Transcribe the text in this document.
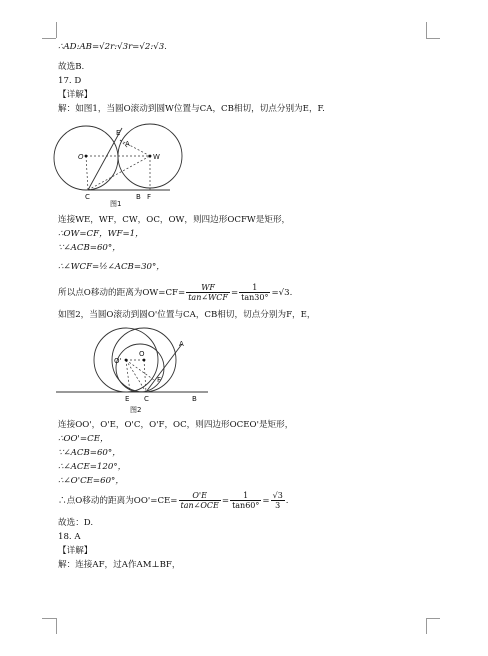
∴AD:AB=√2r:√3r=√2:√3.
故选B.
17. D
【详解】
解：如图1，当圆O滚动到圆W位置与CA，CB相切，切点分别为E，F.
O	W
E
A
C	B F
图1
连接WE，WF，CW，OC，OW，则四边形OCFW是矩形，
∴OW=CF，WF=1，
∵∠ACB=60°，
∴∠WCF=½∠ACB=30°，
所以点O移动的距离为$OW=CF= \frac{WF}{\text{tan∠WCF}} = \frac{1}{\tan 30^\circ} =√3$.
如图2，当圆O滚动到圆O'位置与CA，CB相切，切点分别为F，E，
O'
O
A
F
E C	B
图2
连接OO'，O'E，O'C，O'F，OC，则四边形OCEO'是矩形，
∴OO'=CE，
∵∠ACB=60°，
∴∠ACE=120°，
∴∠O'CE=60°，
∴点O移动的距离为$OO'=CE= \frac{O'E}{\text{tan∠OCE}} = \frac{1}{\tan 60^\circ} = \frac{√3}{3}$ .
故选：D.
18. A
【详解】
解：连接AF，过A作AM⊥BF，
